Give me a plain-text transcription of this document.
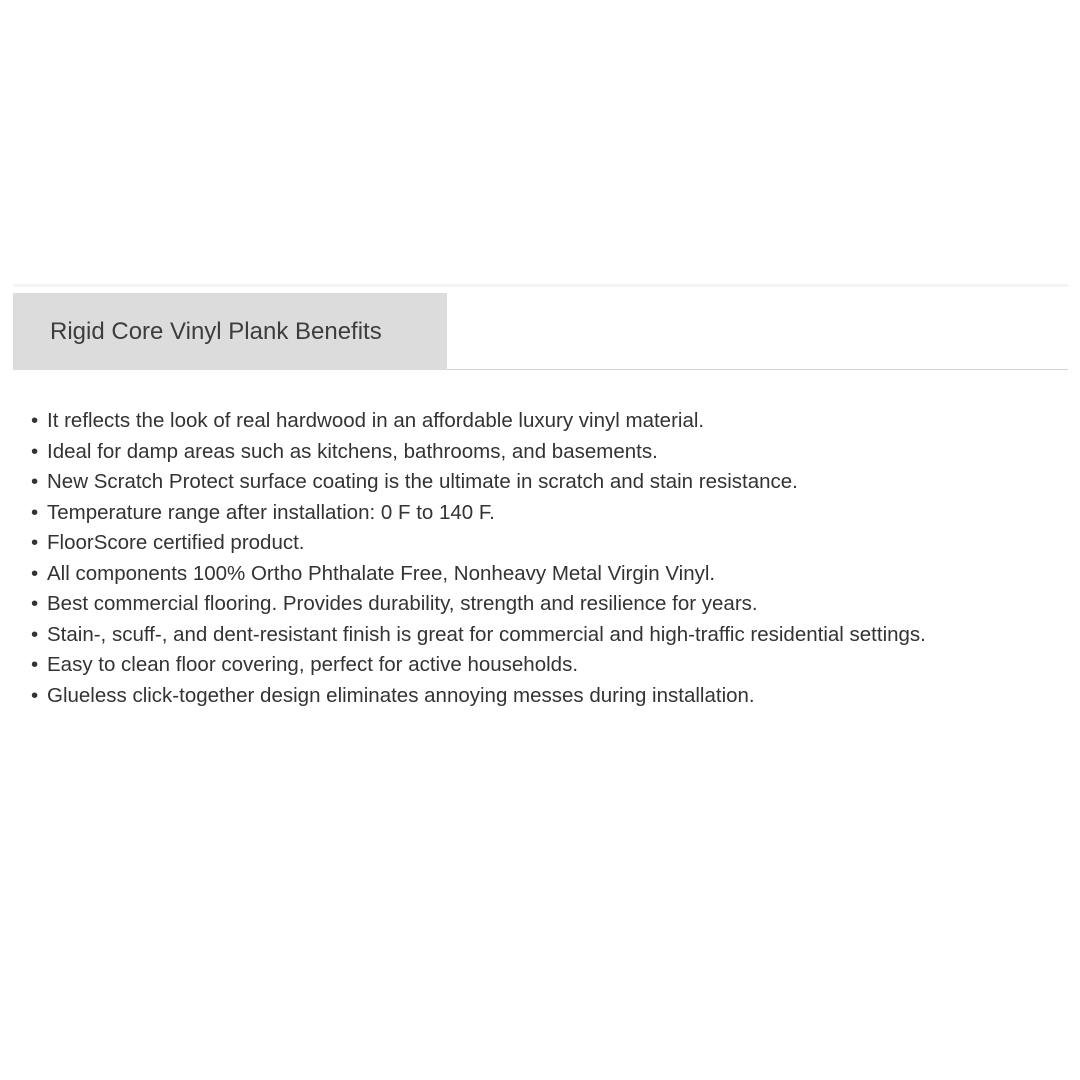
Rigid Core Vinyl Plank Benefits
• It reflects the look of real hardwood in an affordable luxury vinyl material.
• Ideal for damp areas such as kitchens, bathrooms, and basements.
• New Scratch Protect surface coating is the ultimate in scratch and stain resistance.
• Temperature range after installation: 0 F to 140 F.
• FloorScore certified product.
• All components 100% Ortho Phthalate Free, Nonheavy Metal Virgin Vinyl.
• Best commercial flooring. Provides durability, strength and resilience for years.
• Stain-, scuff-, and dent-resistant finish is great for commercial and high-traffic residential settings.
• Easy to clean floor covering, perfect for active households.
• Glueless click-together design eliminates annoying messes during installation.
